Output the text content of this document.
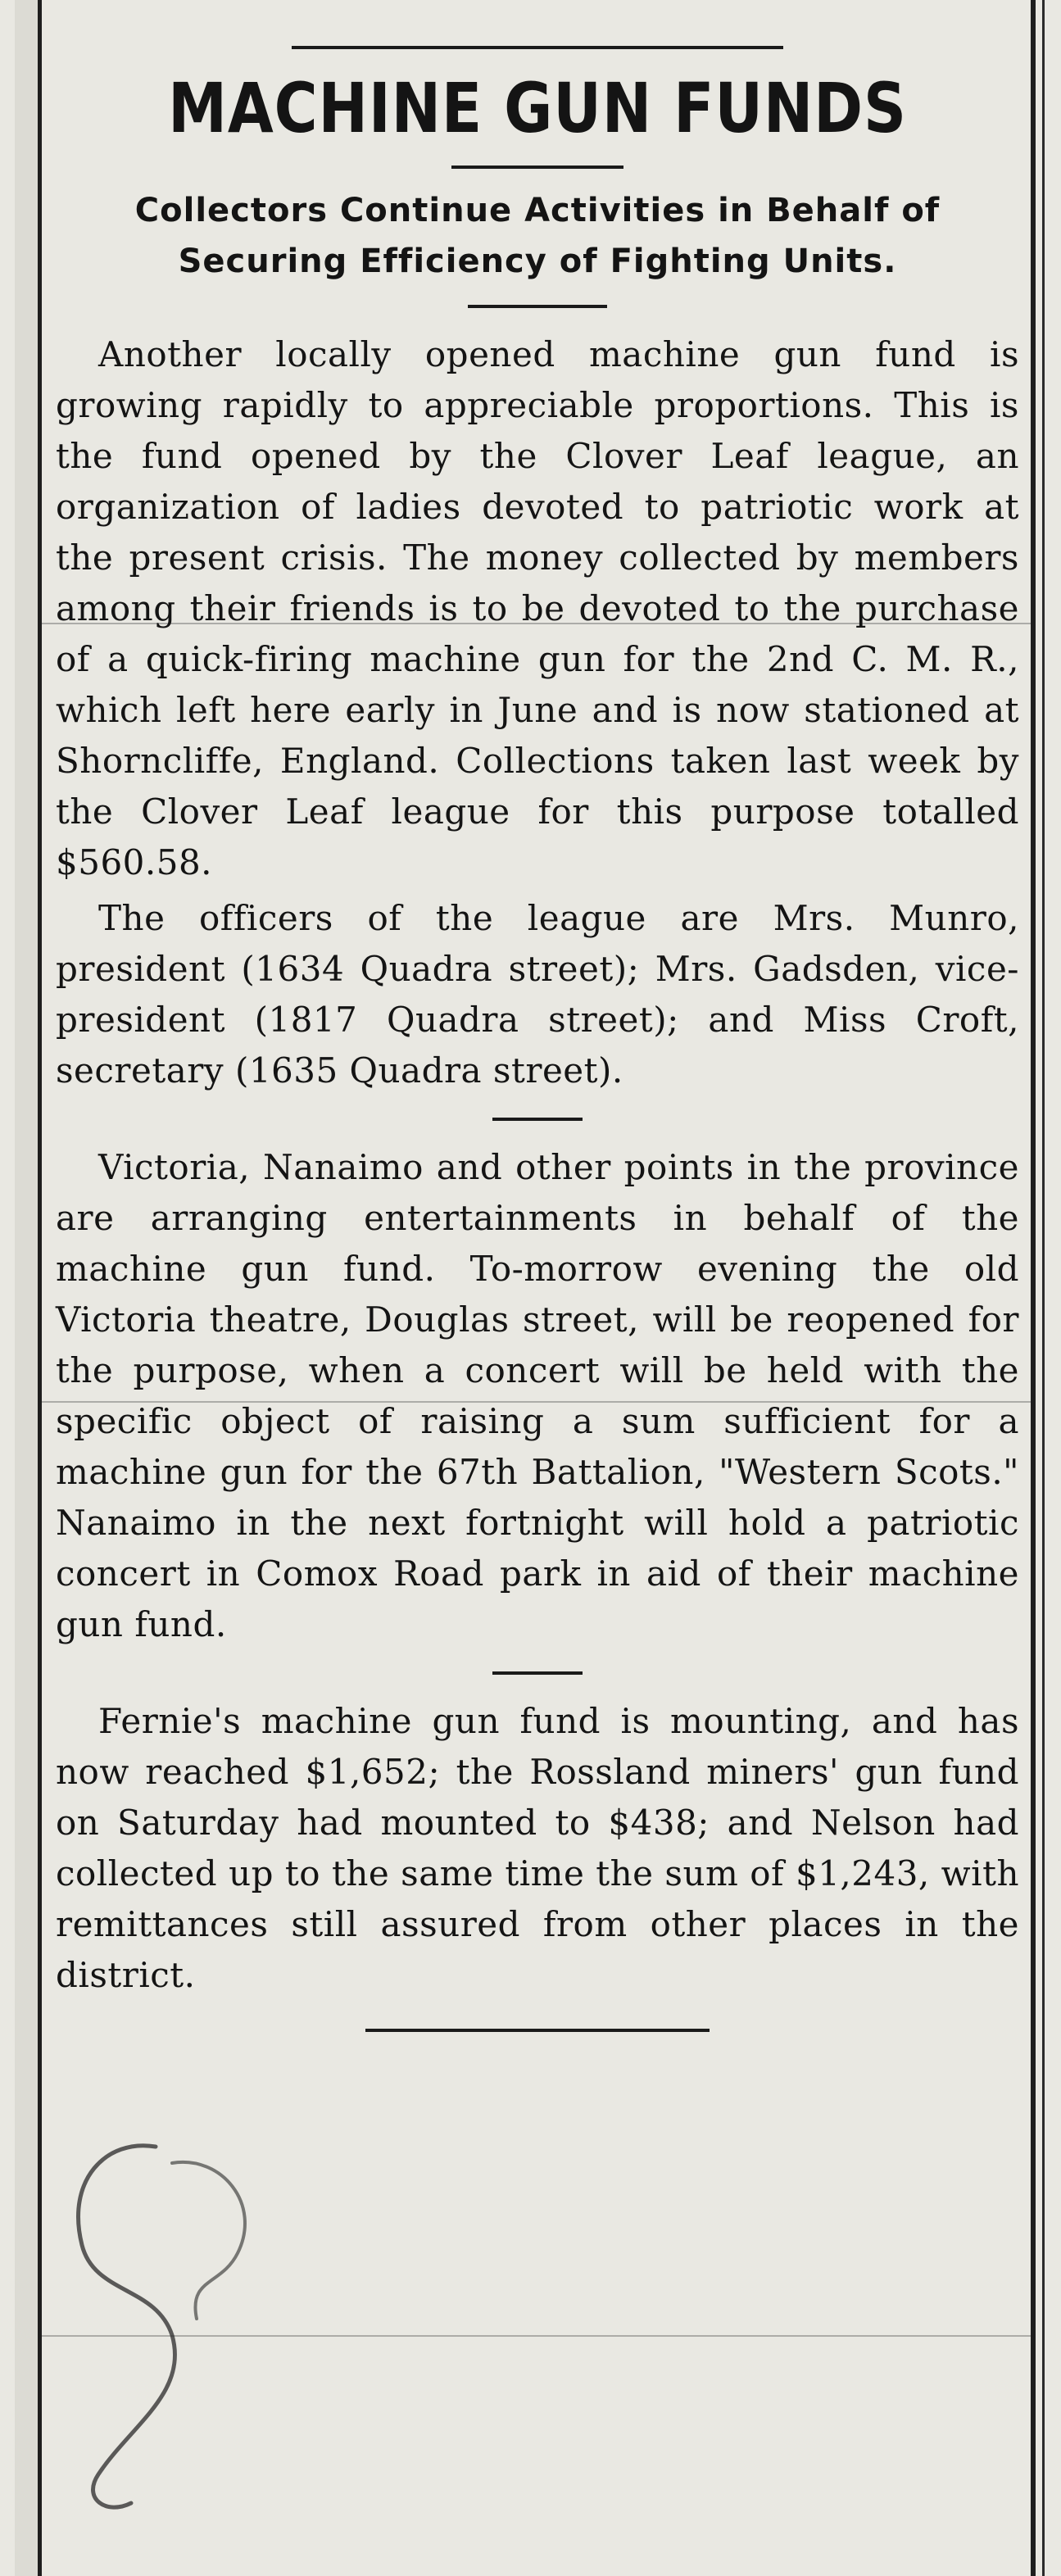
MACHINE GUN FUNDS
Collectors Continue Activities in Behalf of Securing Efficiency of Fighting Units.

Another locally opened machine gun fund is growing rapidly to appreciable proportions. This is the fund opened by the Clover Leaf league, an organization of ladies devoted to patriotic work at the present crisis. The money collected by members among their friends is to be devoted to the purchase of a quick-firing machine gun for the 2nd C. M. R., which left here early in June and is now stationed at Shorncliffe, England. Collections taken last week by the Clover Leaf league for this purpose totalled $560.58.

The officers of the league are Mrs. Munro, president (1634 Quadra street); Mrs. Gadsden, vice-president (1817 Quadra street); and Miss Croft, secretary (1635 Quadra street).

Victoria, Nanaimo and other points in the province are arranging entertainments in behalf of the machine gun fund. To-morrow evening the old Victoria theatre, Douglas street, will be reopened for the purpose, when a concert will be held with the specific object of raising a sum sufficient for a machine gun for the 67th Battalion, "Western Scots." Nanaimo in the next fortnight will hold a patriotic concert in Comox Road park in aid of their machine gun fund.

Fernie's machine gun fund is mounting, and has now reached $1,652; the Rossland miners' gun fund on Saturday had mounted to $438; and Nelson had collected up to the same time the sum of $1,243, with remittances still assured from other places in the district.
